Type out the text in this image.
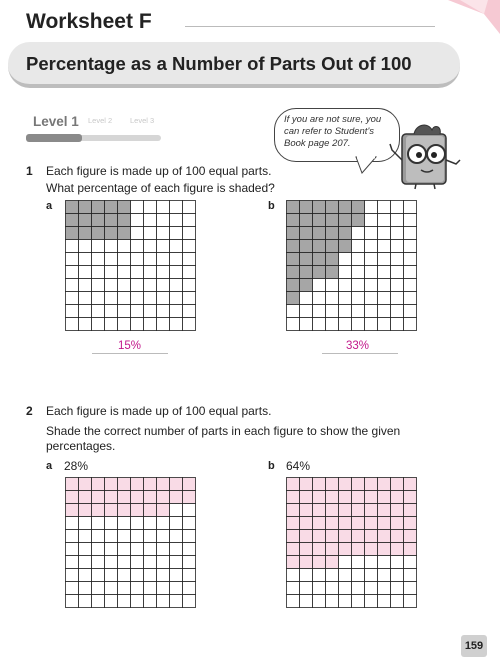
Worksheet F
Percentage as a Number of Parts Out of 100
Level 1 Level 2 Level 3	If you are not sure, you can refer to Student's Book page 207.
1 Each figure is made up of 100 equal parts.
What percentage of each figure is shaded?
a	b
15%	33%
2 Each figure is made up of 100 equal parts.
Shade the correct number of parts in each figure to show the given percentages.
a 28%	b 64%
159
